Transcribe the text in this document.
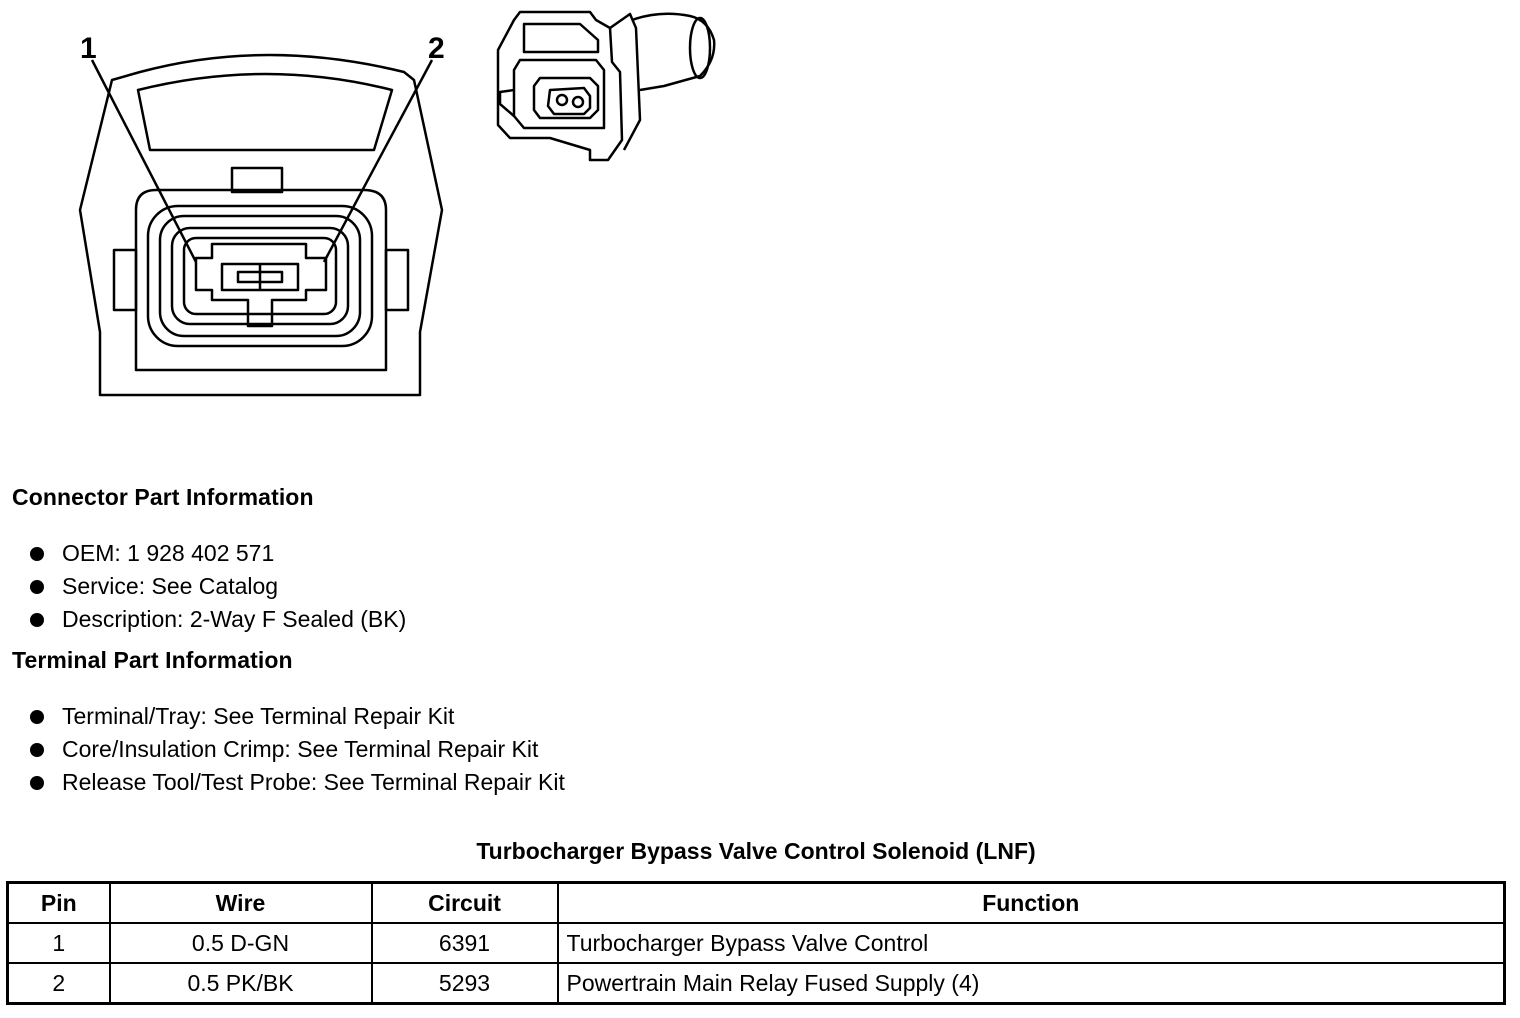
1	2
Connector Part Information
OEM: 1 928 402 571
Service: See Catalog
Description: 2-Way F Sealed (BK)
Terminal Part Information
Terminal/Tray: See Terminal Repair Kit
Core/Insulation Crimp: See Terminal Repair Kit
Release Tool/Test Probe: See Terminal Repair Kit
Turbocharger Bypass Valve Control Solenoid (LNF)
Pin	Wire	Circuit	Function
1	0.5 D-GN	6391	Turbocharger Bypass Valve Control
2	0.5 PK/BK	5293	Powertrain Main Relay Fused Supply (4)
